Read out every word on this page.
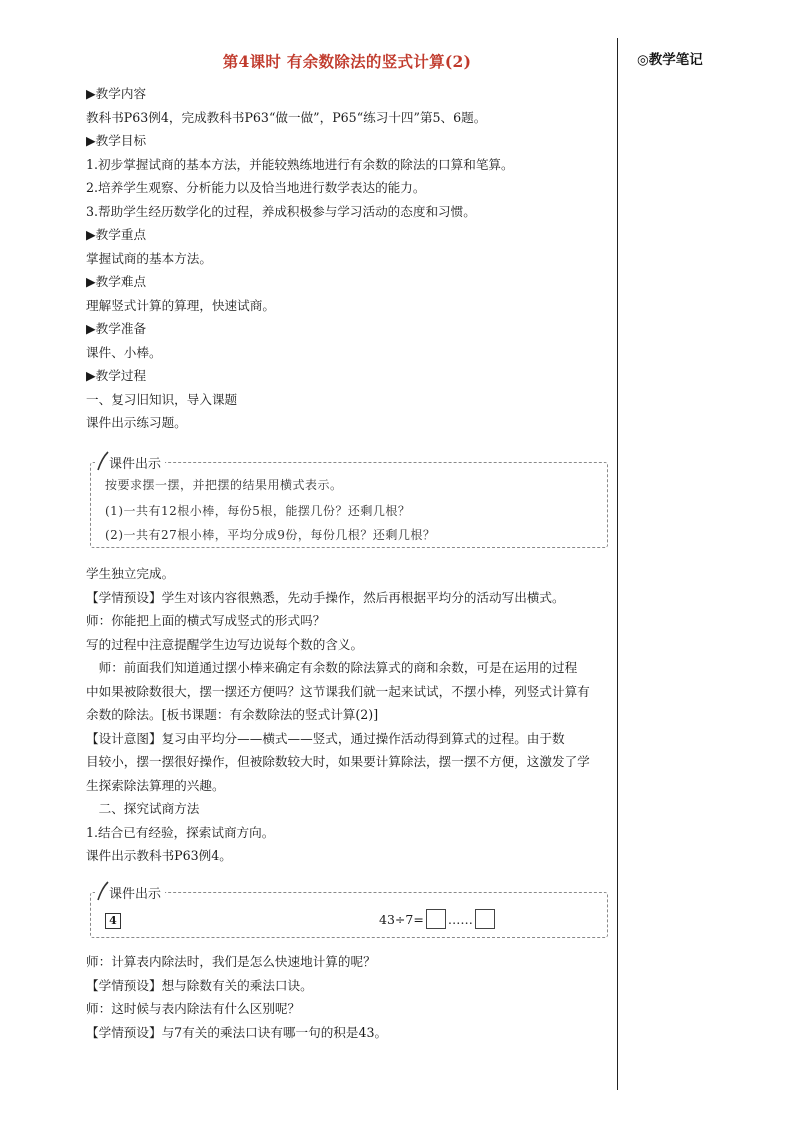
第4课时 有余数除法的竖式计算(2)	◎教学笔记
▶教学内容
教科书P63例4，完成教科书P63“做一做”，P65“练习十四”第5、6题。
▶教学目标
1.初步掌握试商的基本方法，并能较熟练地进行有余数的除法的口算和笔算。
2.培养学生观察、分析能力以及恰当地进行数学表达的能力。
3.帮助学生经历数学化的过程，养成积极参与学习活动的态度和习惯。
▶教学重点
掌握试商的基本方法。
▶教学难点
理解竖式计算的算理，快速试商。
▶教学准备
课件、小棒。
▶教学过程
一、复习旧知识，导入课题
课件出示练习题。
课件出示
按要求摆一摆，并把摆的结果用横式表示。
(1)一共有12根小棒，每份5根，能摆几份？还剩几根？
(2)一共有27根小棒，平均分成9份，每份几根？还剩几根？
学生独立完成。
【学情预设】学生对该内容很熟悉，先动手操作，然后再根据平均分的活动写出横式。
师：你能把上面的横式写成竖式的形式吗？
写的过程中注意提醒学生边写边说每个数的含义。
师：前面我们知道通过摆小棒来确定有余数的除法算式的商和余数，可是在运用的过程
中如果被除数很大，摆一摆还方便吗？这节课我们就一起来试试，不摆小棒，列竖式计算有
余数的除法。[板书课题：有余数除法的竖式计算(2)]
【设计意图】复习由平均分——横式——竖式，通过操作活动得到算式的过程。由于数
目较小，摆一摆很好操作，但被除数较大时，如果要计算除法，摆一摆不方便，这激发了学
生探索除法算理的兴趣。
二、探究试商方法
1.结合已有经验，探索试商方向。
课件出示教科书P63例4。
课件出示
4	43÷7= ……
师：计算表内除法时，我们是怎么快速地计算的呢？
【学情预设】想与除数有关的乘法口诀。
师：这时候与表内除法有什么区别呢？
【学情预设】与7有关的乘法口诀有哪一句的积是43。
